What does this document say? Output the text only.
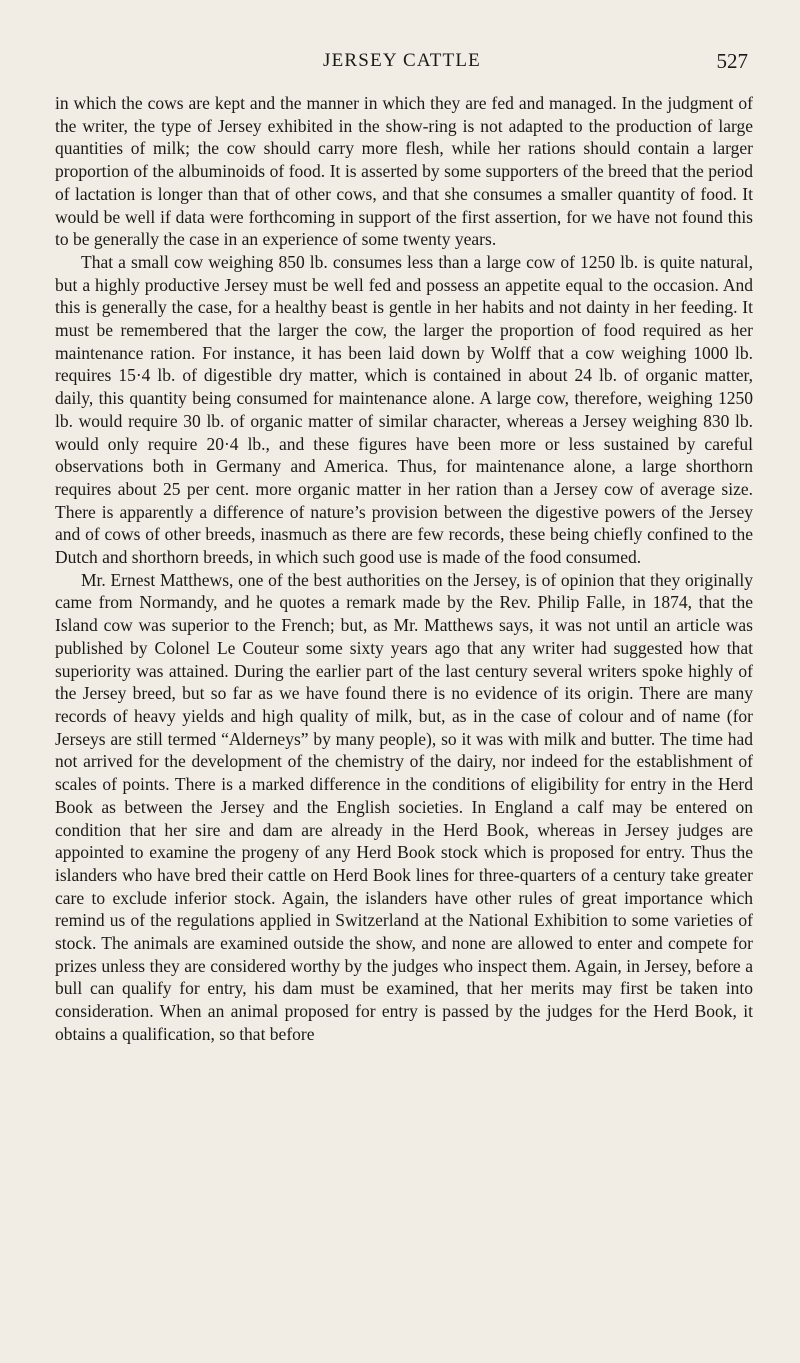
JERSEY CATTLE	527

in which the cows are kept and the manner in which they are fed and managed. In the judgment of the writer, the type of Jersey exhibited in the show-ring is not adapted to the production of large quantities of milk; the cow should carry more flesh, while her rations should contain a larger proportion of the albuminoids of food. It is asserted by some supporters of the breed that the period of lactation is longer than that of other cows, and that she consumes a smaller quantity of food. It would be well if data were forthcoming in support of the first assertion, for we have not found this to be generally the case in an experience of some twenty years.

That a small cow weighing 850 lb. consumes less than a large cow of 1250 lb. is quite natural, but a highly productive Jersey must be well fed and possess an appetite equal to the occasion. And this is generally the case, for a healthy beast is gentle in her habits and not dainty in her feeding. It must be remembered that the larger the cow, the larger the proportion of food required as her maintenance ration. For instance, it has been laid down by Wolff that a cow weighing 1000 lb. requires 15·4 lb. of digestible dry matter, which is contained in about 24 lb. of organic matter, daily, this quantity being consumed for maintenance alone. A large cow, therefore, weighing 1250 lb. would require 30 lb. of organic matter of similar character, whereas a Jersey weighing 830 lb. would only require 20·4 lb., and these figures have been more or less sustained by careful observations both in Germany and America. Thus, for maintenance alone, a large shorthorn requires about 25 per cent. more organic matter in her ration than a Jersey cow of average size. There is apparently a difference of nature’s provision between the digestive powers of the Jersey and of cows of other breeds, inasmuch as there are few records, these being chiefly confined to the Dutch and shorthorn breeds, in which such good use is made of the food consumed.

Mr. Ernest Matthews, one of the best authorities on the Jersey, is of opinion that they originally came from Normandy, and he quotes a remark made by the Rev. Philip Falle, in 1874, that the Island cow was superior to the French; but, as Mr. Matthews says, it was not until an article was published by Colonel Le Couteur some sixty years ago that any writer had suggested how that superiority was attained. During the earlier part of the last century several writers spoke highly of the Jersey breed, but so far as we have found there is no evidence of its origin. There are many records of heavy yields and high quality of milk, but, as in the case of colour and of name (for Jerseys are still termed “Alderneys” by many people), so it was with milk and butter. The time had not arrived for the development of the chemistry of the dairy, nor indeed for the establishment of scales of points. There is a marked difference in the conditions of eligibility for entry in the Herd Book as between the Jersey and the English societies. In England a calf may be entered on condition that her sire and dam are already in the Herd Book, whereas in Jersey judges are appointed to examine the progeny of any Herd Book stock which is proposed for entry. Thus the islanders who have bred their cattle on Herd Book lines for three-quarters of a century take greater care to exclude inferior stock. Again, the islanders have other rules of great importance which remind us of the regulations applied in Switzerland at the National Exhibition to some varieties of stock. The animals are examined outside the show, and none are allowed to enter and compete for prizes unless they are considered worthy by the judges who inspect them. Again, in Jersey, before a bull can qualify for entry, his dam must be examined, that her merits may first be taken into consideration. When an animal proposed for entry is passed by the judges for the Herd Book, it obtains a qualification, so that before
